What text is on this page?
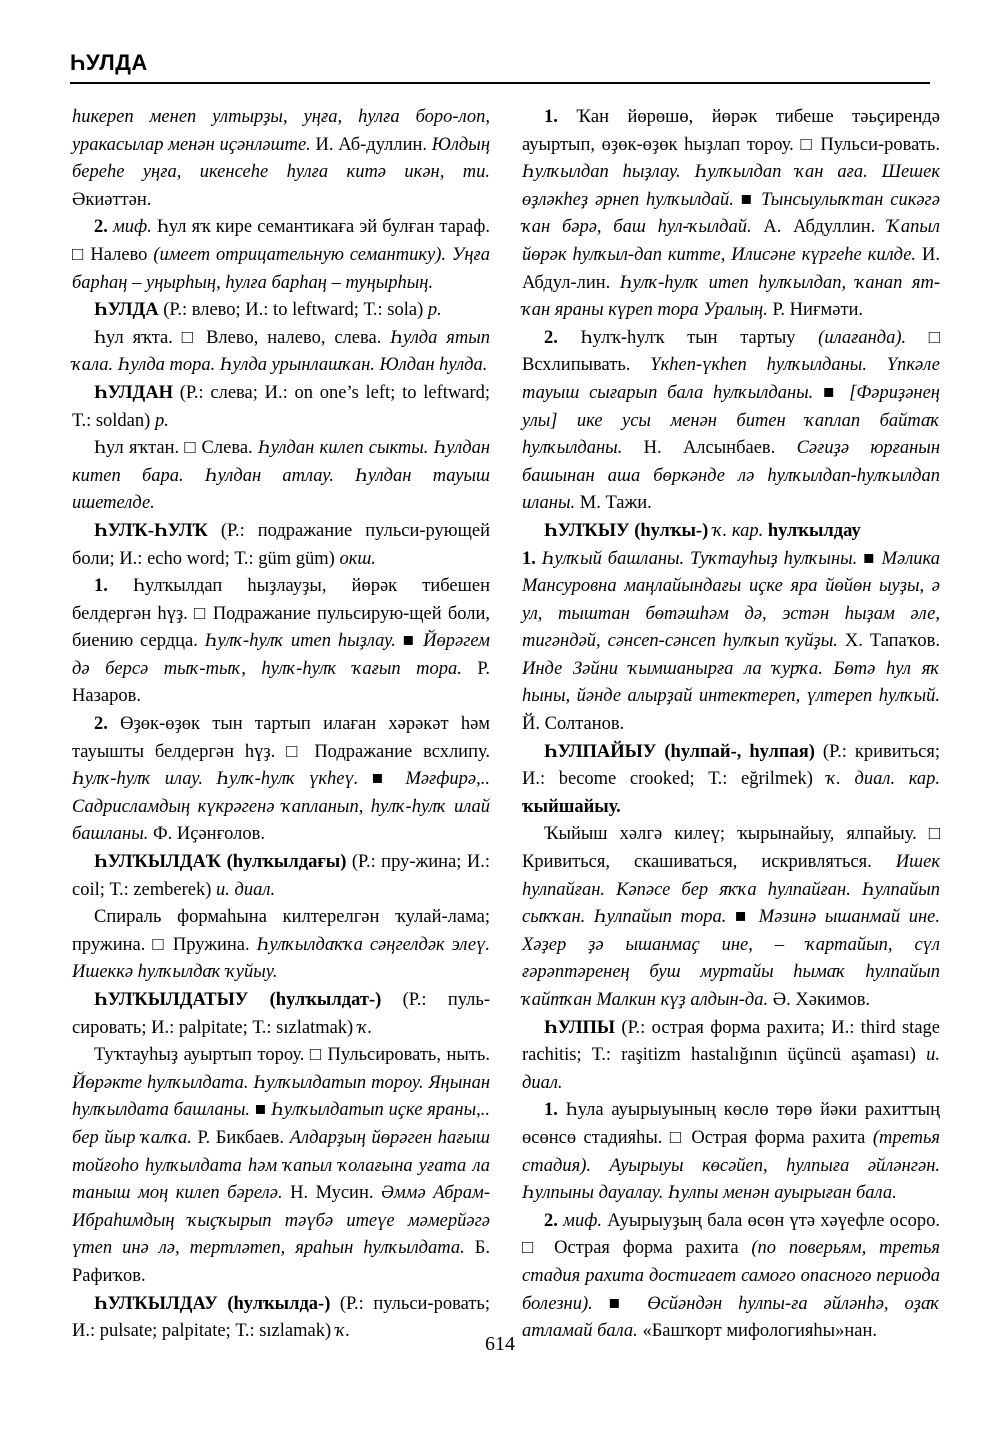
ҺУЛДА

һикереп менеп ултырҙы, уңға, һулға боро-лоп, уракасылар менән иҫәнләште. И. Аб-дуллин. Юлдың береһе уңға, икенсеһе һулға китә икән, ти. Әкиәттән.

2. миф. Һул яҡ кире семантикаға эй булған тараф. □ Налево (имеет отрицательную семантику). Уңға барһаң – уңырһың, һулға барһаң – туңырһың.

ҺУЛДА (Р.: влево; И.: to leftward; Т.: sola) р.

Һул яҡта. □ Влево, налево, слева. Һулда ятып ҡала. Һулда тора. Һулда урынлашҡан. Юлдан һулда.

ҺУЛДАН (Р.: слева; И.: on one’s left; to leftward; Т.: soldan) р.

Һул яҡтан. □ Слева. Һулдан килеп сыкты. Һулдан китеп бара. Һулдан атлау. Һулдан тауыш ишетелде.

ҺУЛҠ-ҺУЛҠ (Р.: подражание пульси-рующей боли; И.: echo word; Т.: güm güm) окш.

1. Һулҡылдап һыҙлауҙы, йөрәк тибешен белдергән һүҙ. □ Подражание пульсирую-щей боли, биению сердца. Һулҡ-һулҡ итеп һыҙлау. ■ Йөрәгем дә берсә тыҡ-тыҡ, һулҡ-һулҡ ҡағып тора. Р. Назаров.

2. Өҙөк-өҙөк тын тартып илаған хәрәкәт һәм тауышты белдергән һүҙ. □ Подражание всхлипу. Һулҡ-һулҡ илау. Һулҡ-һулҡ үкһеү. ■ Мәғфирә,.. Садрисламдың күкрәгенә ҡапланып, һулҡ-һулҡ илай башланы. Ф. Иҫәнғолов.

ҺУЛҠЫЛДАҠ (һулҡылдағы) (Р.: пру-жина; И.: coil; Т.: zemberek) и. диал.

Спираль формаһына килтерелгән ҡулай-лама; пружина. □ Пружина. Һулҡылдаҡҡа сәңгелдәк элеү. Ишеккә һулҡылдаҡ ҡуйыу.

ҺУЛҠЫЛДАТЫУ (һулҡылдат-) (Р.: пуль-сировать; И.: palpitate; Т.: sızlatmak) ҡ.

Туҡтауһыҙ ауыртып тороу. □ Пульсировать, ныть. Йөрәкте һулҡылдата. Һулҡылдатып тороу. Яңынан һулҡылдата башланы. ■ Һулҡылдатып иҫке яраны,.. бер йыр ҡалҡа. Р. Бикбаев. Алдарҙың йөрәген һағыш тойғоһо һулҡылдата һәм ҡапыл ҡолағына уғата ла таныш моң килеп бәрелә. Н. Мусин. Әммә Абрам-Ибраһимдың ҡыҫҡырып тәүбә итеүе мәмерйәгә үтеп инә лә, тертләтеп, яраһын һулҡылдата. Б. Рафиҡов.

ҺУЛҠЫЛДАУ (һулҡылда-) (Р.: пульси-ровать; И.: pulsate; palpitate; Т.: sızlamak) ҡ.

1. Ҡан йөрөшө, йөрәк тибеше тәьҫирендә ауыртып, өҙөк-өҙөк һыҙлап тороу. □ Пульси-ровать. Һулҡылдап һыҙлау. Һулҡылдап ҡан аға. Шешек өҙләкһеҙ әрнеп һулҡылдай. ■ Тынсыулыҡтан сикәгә ҡан бәрә, баш һул-ҡылдай. А. Абдуллин. Ҡапыл йөрәк һулҡыл-дап китте, Илисәне күргеһе килде. И. Абдул-лин. Һулҡ-һулҡ итеп һулҡылдап, ҡанап ят-ҡан яраны күреп тора Уралың. Р. Ниғмәти.

2. Һулҡ-һулҡ тын тартыу (илағанда). □ Всхлипывать. Үкһеп-үкһеп һулҡылданы. Үпкәле тауыш сығарып бала һулҡылданы. ■ [Фәриҙәнең улы] ике усы менән битен ҡаплап байтаҡ һулҡылданы. Н. Алсынбаев. Сәғиҙә юрғанын башынан аша бөркәнде лә һулҡылдап-һулҡылдап иланы. М. Тажи.

ҺУЛҠЫУ (һулҡы-) ҡ. кар. һулҡылдау

1. Һулҡый башланы. Туҡтауһыҙ һулҡыны. ■ Мәлика Мансуровна маңлайындағы иҫке яра йөйөн ыуҙы, ә ул, тыштан бөтәшһәм дә, эстән һыҙам әле, тигәндәй, сәнсеп-сәнсеп һулҡып ҡуйҙы. Х. Тапаҡов. Инде Зәйни ҡымшанырға ла ҡурҡа. Бөтә һул яҡ һыны, йәнде алырҙай интектереп, үлтереп һулҡый. Й. Солтанов.

ҺУЛПАЙЫУ (һулпай-, һулпая) (Р.: кривиться; И.: become crooked; Т.: eğrilmek) ҡ. диал. кар. ҡыйшайыу.

Ҡыйыш хәлгә килеү; ҡырынайыу, ялпайыу. □ Кривиться, скашиваться, искривляться. Ишек һулпайған. Кәпәсе бер яҡҡа һулпайған. Һулпайып сыҡҡан. Һулпайып тора. ■ Мәзинә ышанмай ине. Хәҙер ҙә ышанмаҫ ине, – ҡартайып, сүл ғәрәптәренең буш муртайы һымаҡ һулпайып ҡайтҡан Малкин күҙ алдын-да. Ә. Хәкимов.

ҺУЛПЫ (Р.: острая форма рахита; И.: third stage rachitis; Т.: raşitizm hastalığının üçüncü aşaması) и. диал.

1. Һула ауырыуының көслө төрө йәки рахиттың өсөнсө стадияһы. □ Острая форма рахита (третья стадия). Ауырыуы көсәйеп, һулпыға әйләнгән. Һулпыны дауалау. Һулпы менән ауырыған бала.

2. миф. Ауырыуҙың бала өсөн үтә хәүефле осоро. □ Острая форма рахита (по поверьям, третья стадия рахита достигает самого опасного периода болезни). ■ Өсйәндән һулпы-ға әйләнһә, оҙаҡ атламай бала. «Башҡорт мифологияһы»нан.

614
